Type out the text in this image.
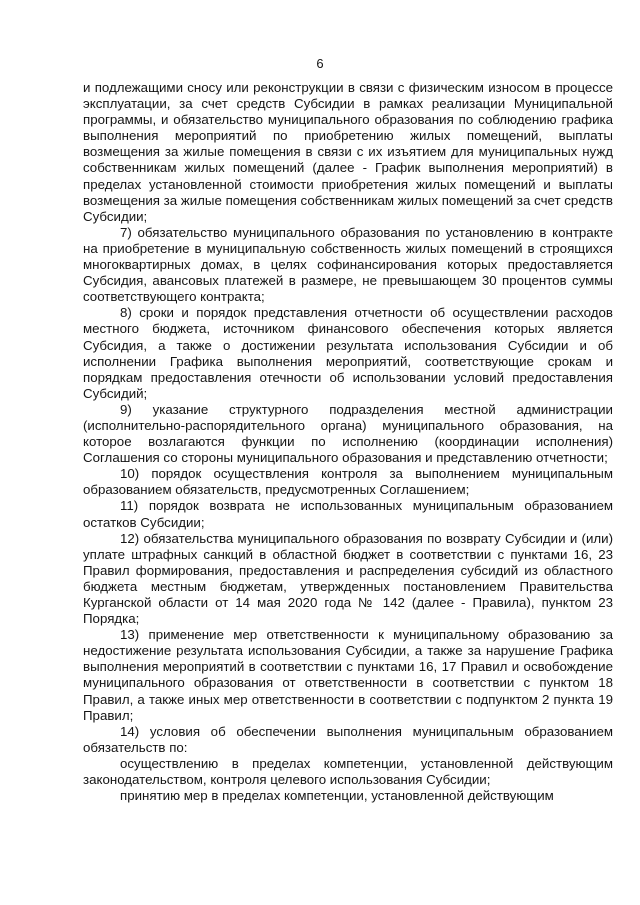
6

и подлежащими сносу или реконструкции в связи с физическим износом в процессе эксплуатации, за счет средств Субсидии в рамках реализации Муниципальной программы, и обязательство муниципального образования по соблюдению графика выполнения мероприятий по приобретению жилых помещений, выплаты возмещения за жилые помещения в связи с их изъятием для муниципальных нужд собственникам жилых помещений (далее - График выполнения мероприятий) в пределах установленной стоимости приобретения жилых помещений и выплаты возмещения за жилые помещения собственникам жилых помещений за счет средств Субсидии;

7) обязательство муниципального образования по установлению в контракте на приобретение в муниципальную собственность жилых помещений в строящихся многоквартирных домах, в целях софинансирования которых предоставляется Субсидия, авансовых платежей в размере, не превышающем 30 процентов суммы соответствующего контракта;

8) сроки и порядок представления отчетности об осуществлении расходов местного бюджета, источником финансового обеспечения которых является Субсидия, а также о достижении результата использования Субсидии и об исполнении Графика выполнения мероприятий, соответствующие срокам и порядкам предоставления отечности об использовании условий предоставления Субсидий;

9) указание структурного подразделения местной администрации (исполнительно-распорядительного органа) муниципального образования, на которое возлагаются функции по исполнению (координации исполнения) Соглашения со стороны муниципального образования и представлению отчетности;

10) порядок осуществления контроля за выполнением муниципальным образованием обязательств, предусмотренных Соглашением;

11) порядок возврата не использованных муниципальным образованием остатков Субсидии;

12) обязательства муниципального образования по возврату Субсидии и (или) уплате штрафных санкций в областной бюджет в соответствии с пунктами 16, 23 Правил формирования, предоставления и распределения субсидий из областного бюджета местным бюджетам, утвержденных постановлением Правительства Курганской области от 14 мая 2020 года № 142 (далее - Правила), пунктом 23 Порядка;

13) применение мер ответственности к муниципальному образованию за недостижение результата использования Субсидии, а также за нарушение Графика выполнения мероприятий в соответствии с пунктами 16, 17 Правил и освобождение муниципального образования от ответственности в соответствии с пунктом 18 Правил, а также иных мер ответственности в соответствии с подпунктом 2 пункта 19 Правил;

14) условия об обеспечении выполнения муниципальным образованием обязательств по:

осуществлению в пределах компетенции, установленной действующим законодательством, контроля целевого использования Субсидии;

принятию мер в пределах компетенции, установленной действующим
